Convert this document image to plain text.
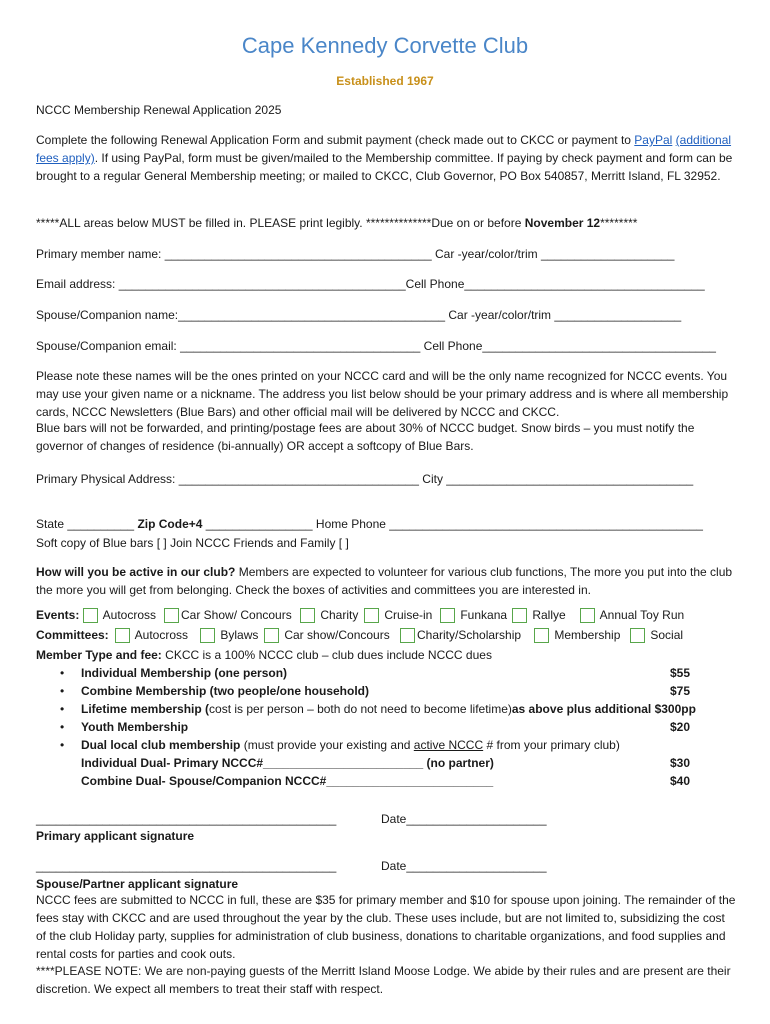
Cape Kennedy Corvette Club
Established 1967
NCCC Membership Renewal Application 2025
Complete the following Renewal Application Form and submit payment (check made out to CKCC or payment to PayPal (additional fees apply). If using PayPal, form must be given/mailed to the Membership committee. If paying by check payment and form can be brought to a regular General Membership meeting; or mailed to CKCC, Club Governor, PO Box 540857, Merritt Island, FL 32952.
*****ALL areas below MUST be filled in. PLEASE print legibly. **************Due on or before November 12********
Primary member name: ________________________________________ Car -year/color/trim ____________________
Email address: ___________________________________________Cell Phone____________________________________
Spouse/Companion name:________________________________________ Car -year/color/trim ___________________
Spouse/Companion email: ____________________________________ Cell Phone___________________________________
Please note these names will be the ones printed on your NCCC card and will be the only name recognized for NCCC events. You may use your given name or a nickname. The address you list below should be your primary address and is where all membership cards, NCCC Newsletters (Blue Bars) and other official mail will be delivered by NCCC and CKCC.
Blue bars will not be forwarded, and printing/postage fees are about 30% of NCCC budget. Snow birds – you must notify the governor of changes of residence (bi-annually) OR accept a softcopy of Blue Bars.
Primary Physical Address: ____________________________________ City _____________________________________
State __________ Zip Code+4 ________________ Home Phone _______________________________________________
Soft copy of Blue bars [ ] Join NCCC Friends and Family [ ]
How will you be active in our club? Members are expected to volunteer for various club functions, The more you put into the club the more you will get from belonging. Check the boxes of activities and committees you are interested in.
Events:	Autocross	Car Show/ Concours	Charity	Cruise-in	Funkana	Rallye	Annual Toy Run
Committees:	Autocross	Bylaws	Car show/Concours	Charity/Scholarship	Membership	Social
Member Type and fee: CKCC is a 100% NCCC club – club dues include NCCC dues
• Individual Membership (one person)	$55
• Combine Membership (two people/one household)	$75
• Lifetime membership (cost is per person – both do not need to become lifetime)as above plus additional $300pp
• Youth Membership	$20
• Dual local club membership (must provide your existing and active NCCC # from your primary club)
Individual Dual- Primary NCCC#________________________ (no partner)	$30
Combine Dual- Spouse/Companion NCCC#_________________________	$40
_____________________________________________	Date_____________________
Primary applicant signature
_____________________________________________	Date_____________________
Spouse/Partner applicant signature
NCCC fees are submitted to NCCC in full, these are $35 for primary member and $10 for spouse upon joining. The remainder of the fees stay with CKCC and are used throughout the year by the club. These uses include, but are not limited to, subsidizing the cost of the club Holiday party, supplies for administration of club business, donations to charitable organizations, and food supplies and rental costs for parties and cook outs.
****PLEASE NOTE: We are non-paying guests of the Merritt Island Moose Lodge. We abide by their rules and are present are their discretion. We expect all members to treat their staff with respect.
